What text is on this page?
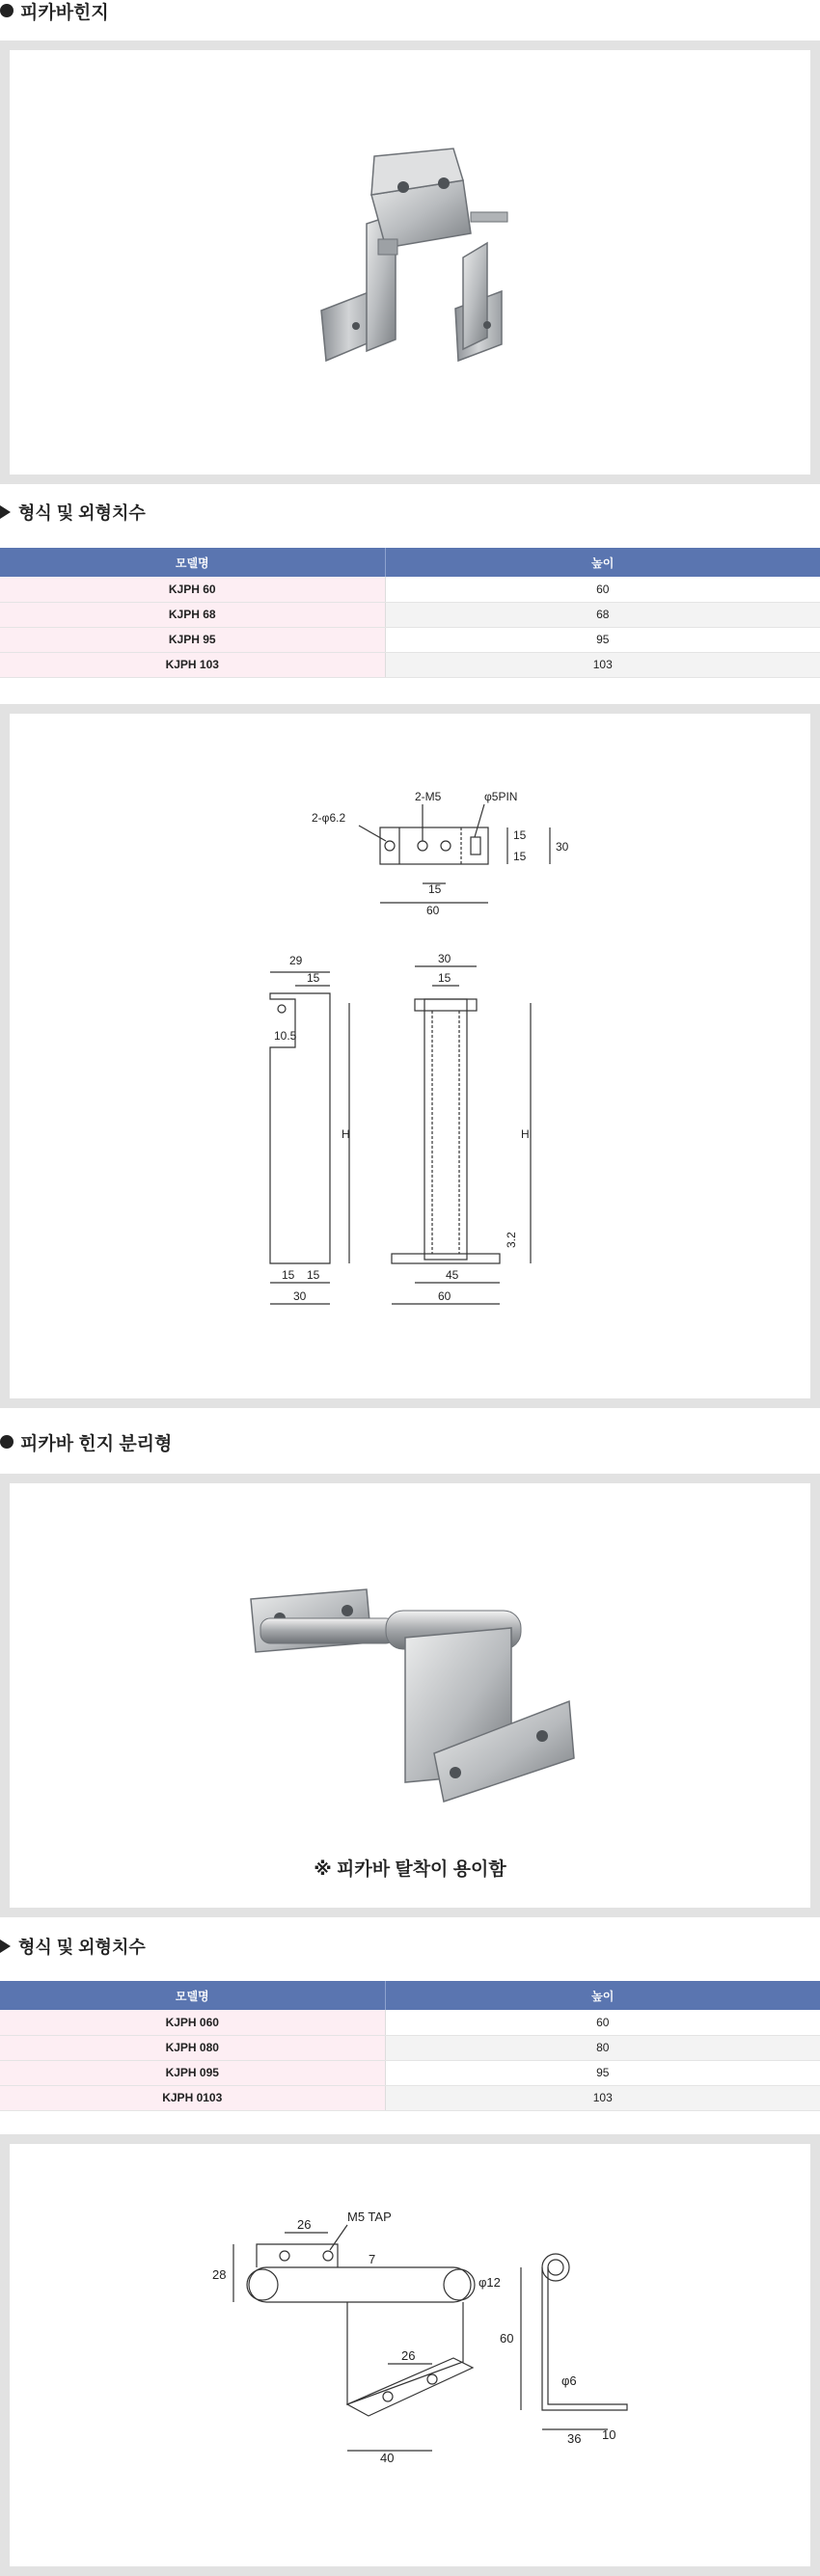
피카바힌지
형식 및 외형치수
모델명	높이
KJPH 60	60
KJPH 68	68
KJPH 95	95
KJPH 103	103
2-φ6.2
2-M5	φ5PIN
15
60
15
15
30
29
15
10.5
H
15 15
30
30
15
H
3.2
45
60
피카바 힌지 분리형
※ 피카바 탈착이 용이함
형식 및 외형치수
모델명	높이
KJPH 060	60
KJPH 080	80
KJPH 095	95
KJPH 0103	103
26
M5 TAP
7
28
φ12
26
40
60
φ6
36 10
